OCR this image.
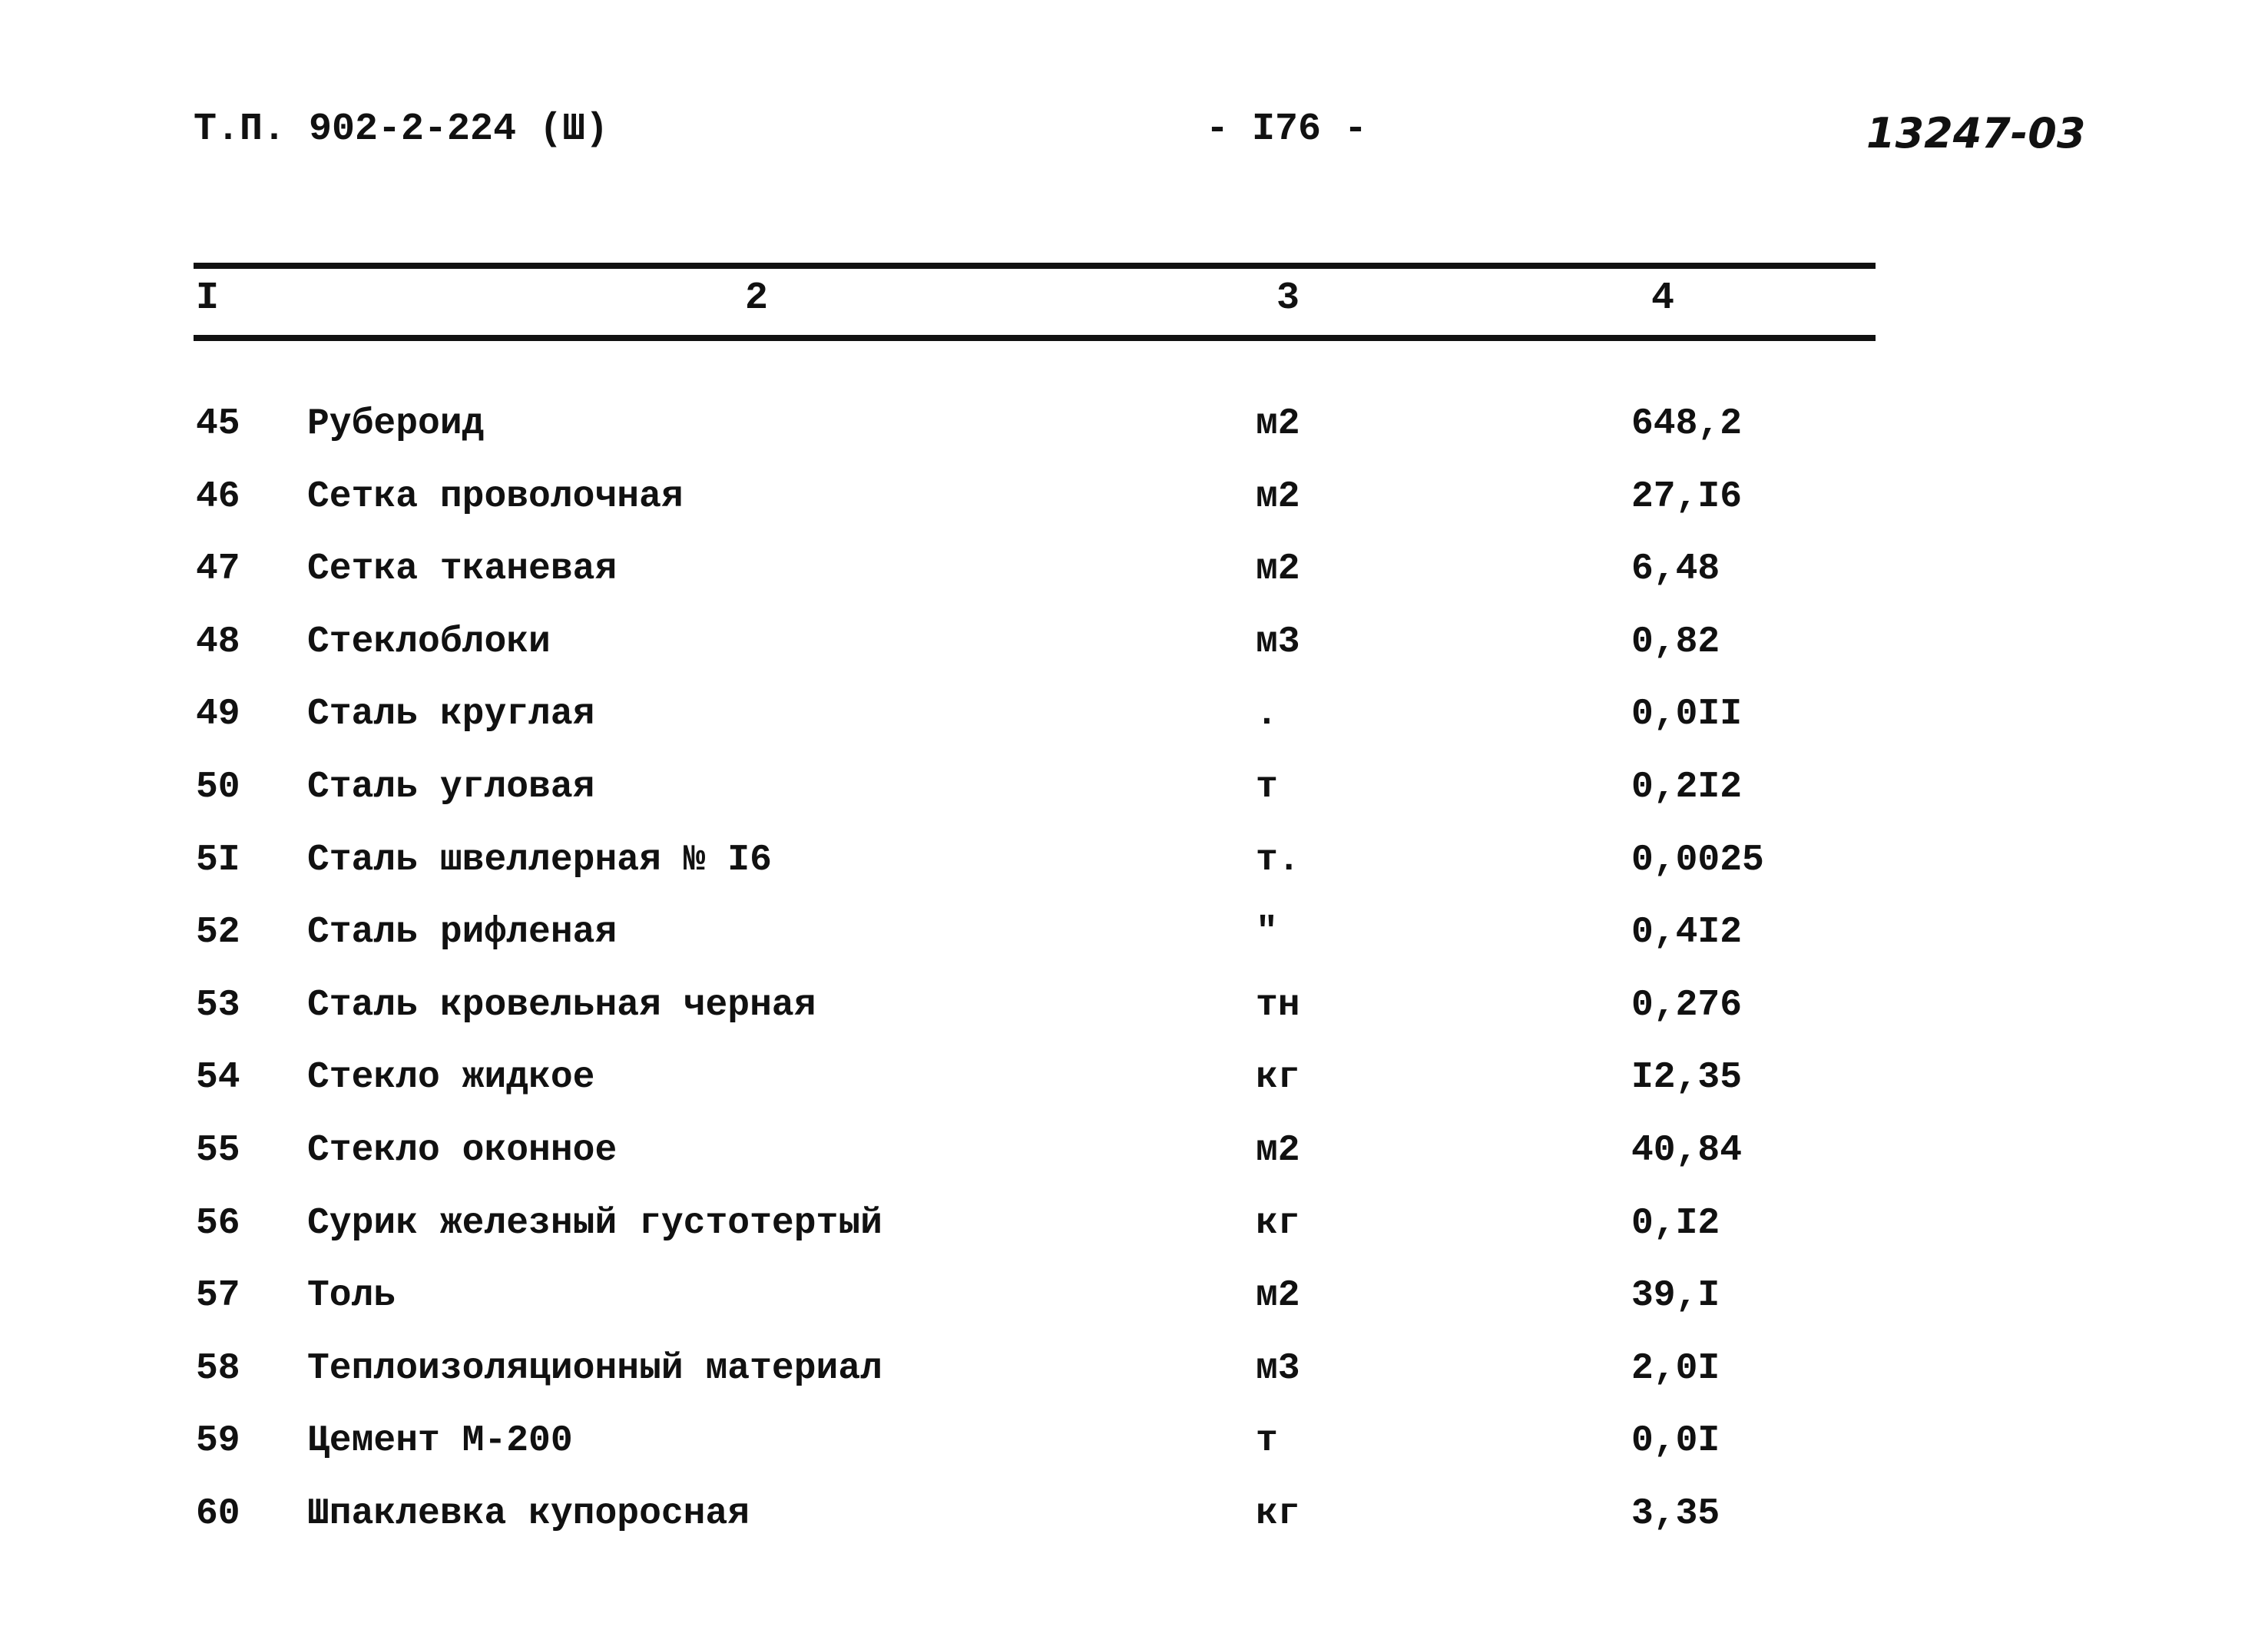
Т.П. 902-2-224 (Ш)	- I76 -	13247-03
I	2	3	4
45 Рубероид	м2	648,2
46 Сетка проволочная	м2	27,I6
47 Сетка тканевая	м2	6,48
48 Стеклоблоки	м3	0,82
49 Сталь круглая	.	0,0II
50 Сталь угловая	т	0,2I2
5I Сталь швеллерная № I6	т.	0,0025
52 Сталь рифленая	"	0,4I2
53 Сталь кровельная черная	тн	0,276
54 Стекло жидкое	кг	I2,35
55 Стекло оконное	м2	40,84
56 Сурик железный густотертый	кг	0,I2
57 Толь	м2	39,I
58 Теплоизоляционный материал	м3	2,0I
59 Цемент М-200	т	0,0I
60 Шпаклевка купоросная	кг	3,35
